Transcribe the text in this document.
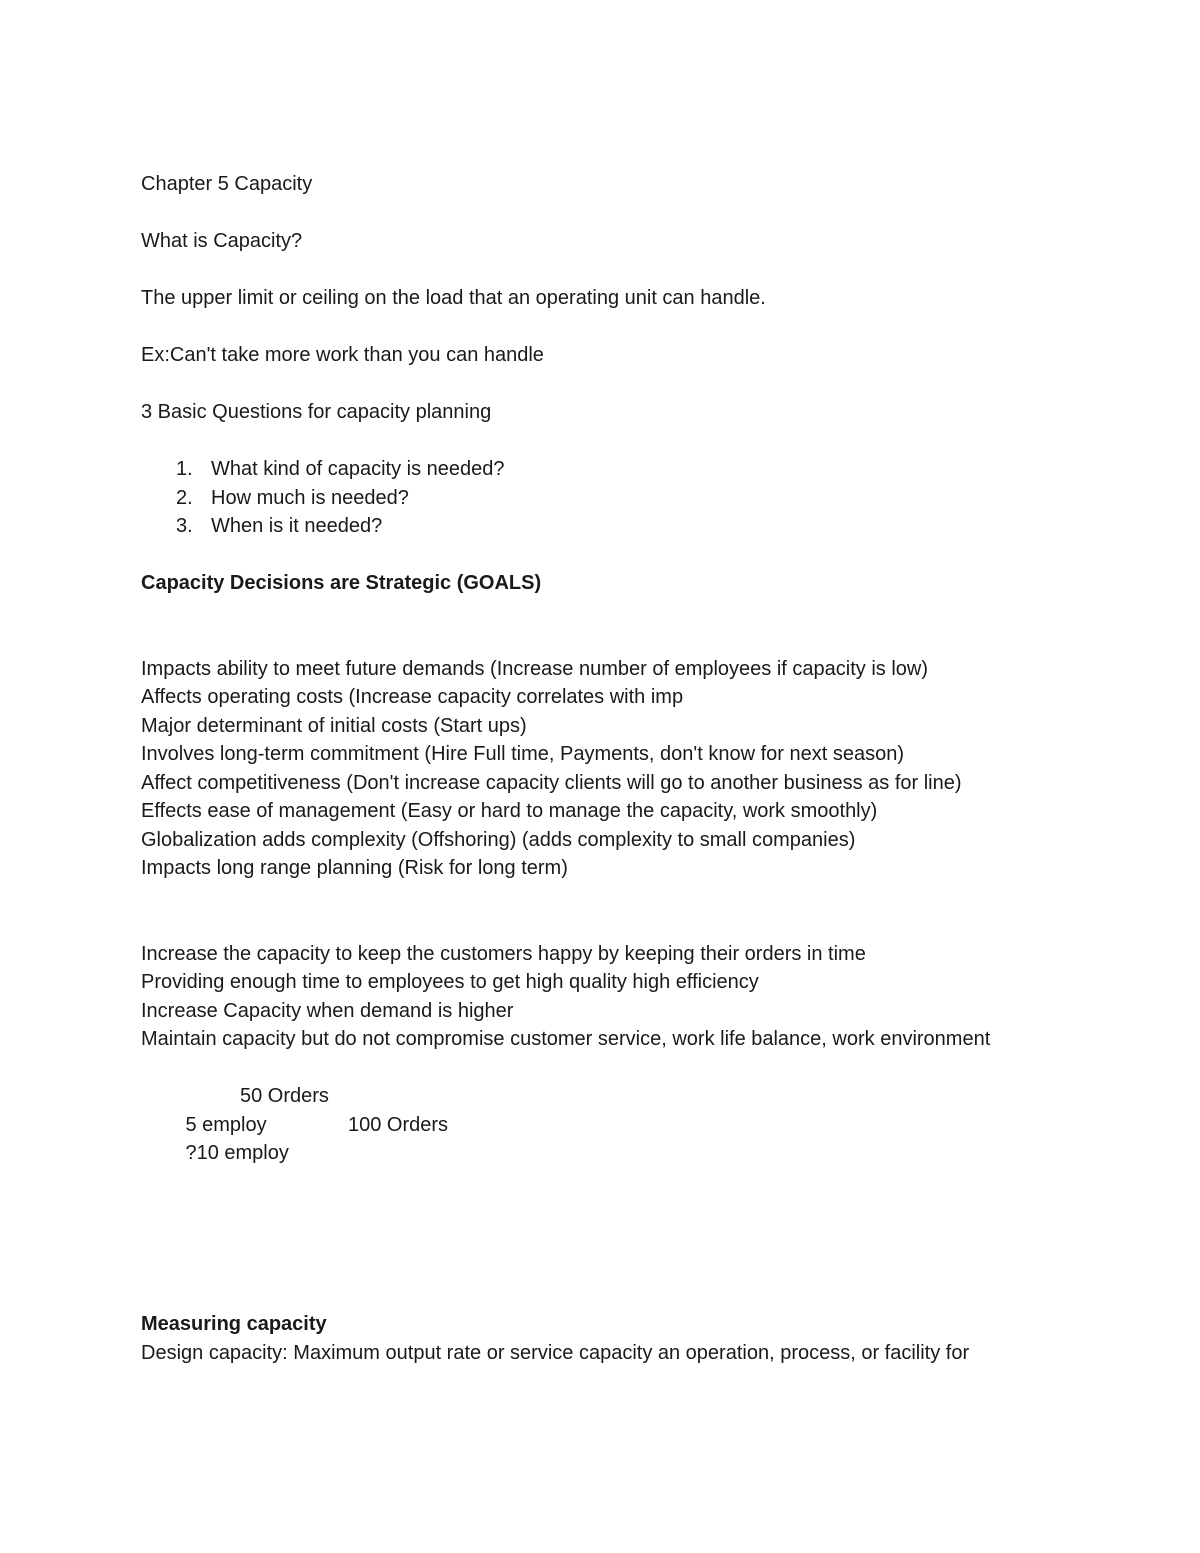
Chapter 5 Capacity
What is Capacity?
The upper limit or ceiling on the load that an operating unit can handle.
Ex:Can't take more work than you can handle
3 Basic Questions for capacity planning
1. What kind of capacity is needed?
2. How much is needed?
3. When is it needed?
Capacity Decisions are Strategic (GOALS)
Impacts ability to meet future demands (Increase number of employees if capacity is low)
Affects operating costs (Increase capacity correlates with imp
Major determinant of initial costs (Start ups)
Involves long-term commitment (Hire Full time, Payments, don't know for next season)
Affect competitiveness (Don't increase capacity clients will go to another business as for line)
Effects ease of management (Easy or hard to manage the capacity, work smoothly)
Globalization adds complexity (Offshoring) (adds complexity to small companies)
Impacts long range planning (Risk for long term)
Increase the capacity to keep the customers happy by keeping their orders in time
Providing enough time to employees to get high quality high efficiency
Increase Capacity when demand is higher
Maintain capacity but do not compromise customer service, work life balance, work environment

5 employ

50 Orders

?10 employ

100 Orders

Measuring capacity
Design capacity: Maximum output rate or service capacity an operation, process, or facility for
